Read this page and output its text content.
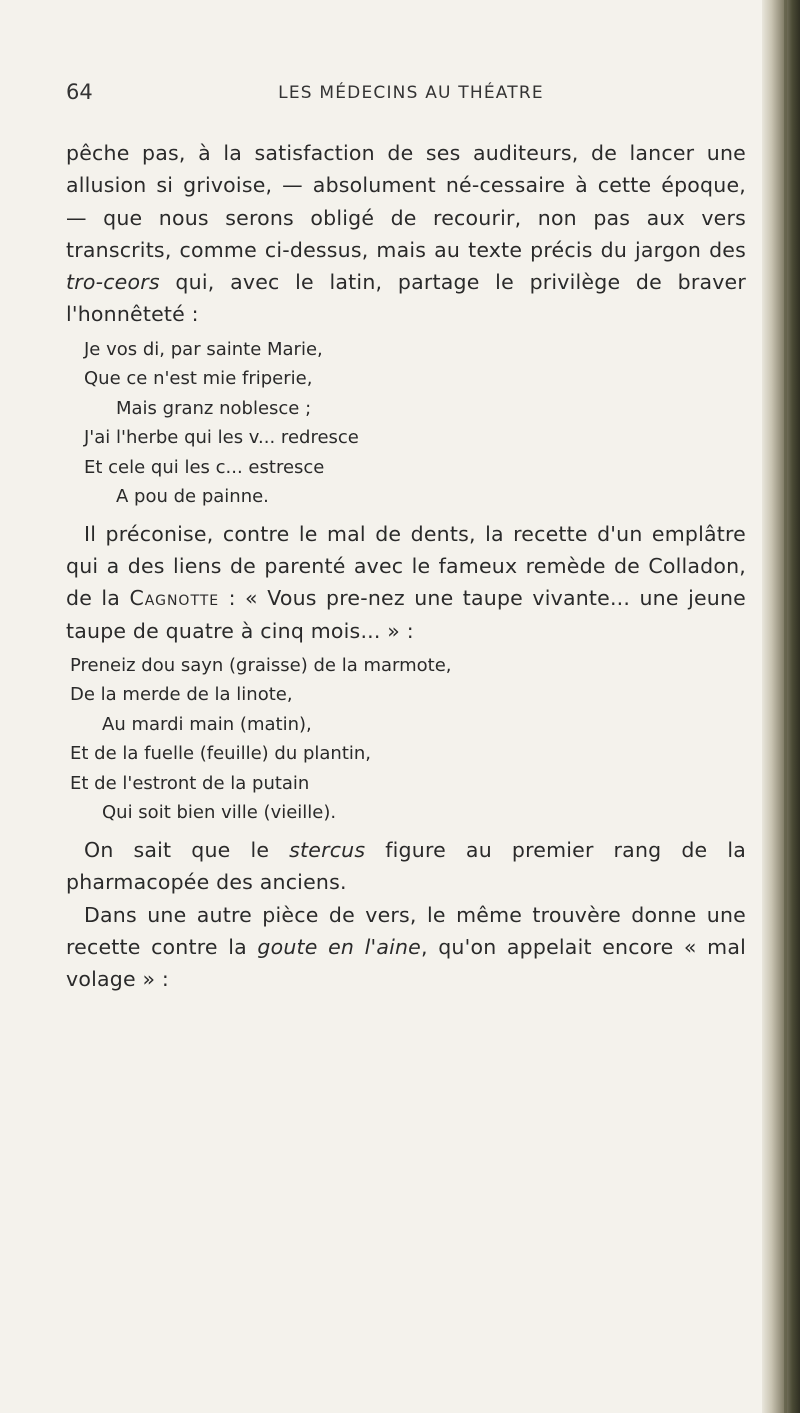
64	LES MÉDECINS AU THÉATRE

pêche pas, à la satisfaction de ses auditeurs, de lancer une allusion si grivoise, — absolument né-cessaire à cette époque, — que nous serons obligé de recourir, non pas aux vers transcrits, comme ci-dessus, mais au texte précis du jargon des tro-ceors qui, avec le latin, partage le privilège de braver l'honnêteté :

Je vos di, par sainte Marie,
Que ce n'est mie friperie,
Mais granz noblesce ;
J'ai l'herbe qui les v... redresce
Et cele qui les c... estresce
A pou de painne.

Il préconise, contre le mal de dents, la recette d'un emplâtre qui a des liens de parenté avec le fameux remède de Colladon, de la Cagnotte : « Vous pre-nez une taupe vivante... une jeune taupe de quatre à cinq mois... » :

Preneiz dou sayn (graisse) de la marmote,
De la merde de la linote,
Au mardi main (matin),
Et de la fuelle (feuille) du plantin,
Et de l'estront de la putain
Qui soit bien ville (vieille).

On sait que le stercus figure au premier rang de la pharmacopée des anciens.

Dans une autre pièce de vers, le même trouvère donne une recette contre la goute en l'aine, qu'on appelait encore « mal volage » :
